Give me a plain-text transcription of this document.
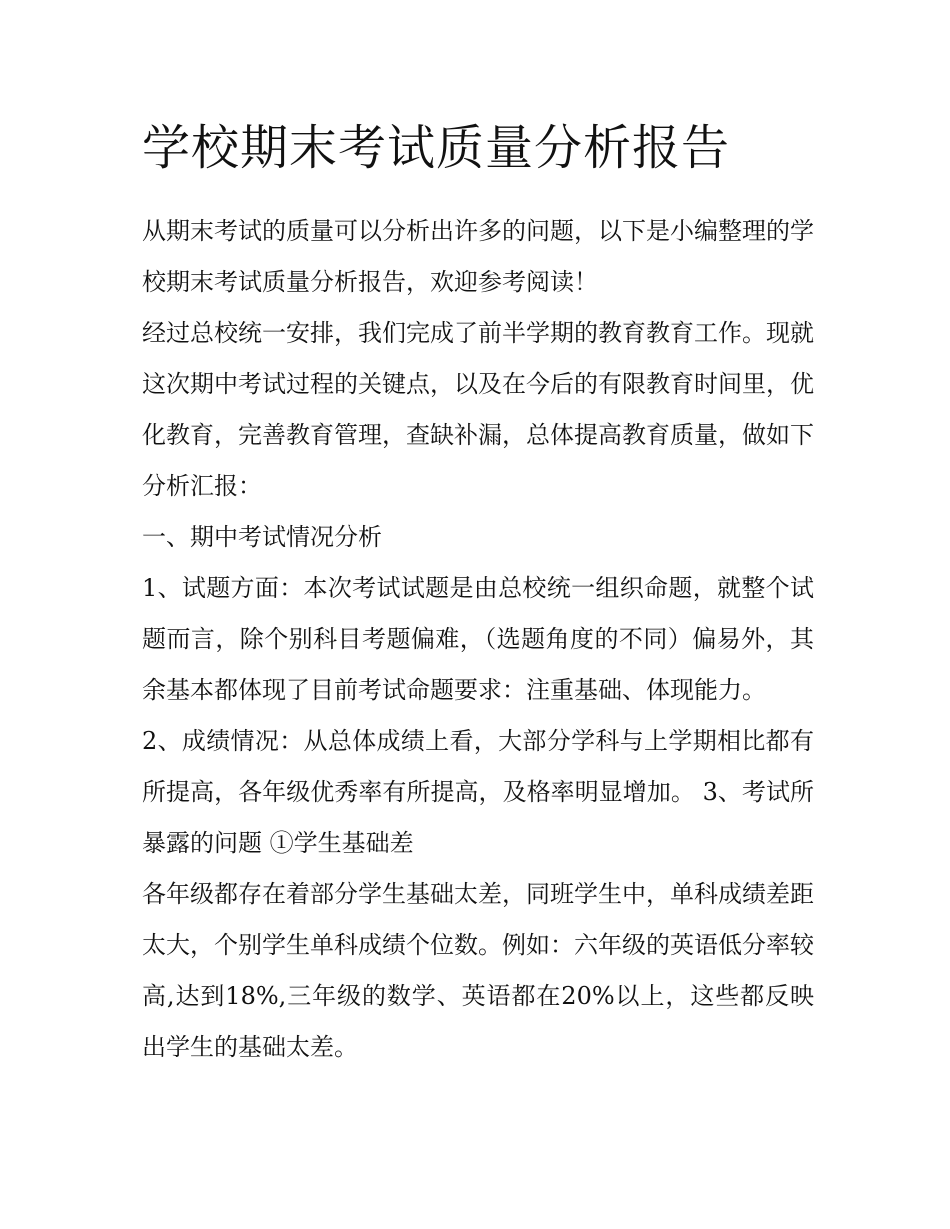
学校期末考试质量分析报告

从期末考试的质量可以分析出许多的问题，以下是小编整理的学校期末考试质量分析报告，欢迎参考阅读！

经过总校统一安排，我们完成了前半学期的教育教育工作。现就这次期中考试过程的关键点，以及在今后的有限教育时间里，优化教育，完善教育管理，查缺补漏，总体提高教育质量，做如下分析汇报：

一、期中考试情况分析

1、试题方面：本次考试试题是由总校统一组织命题，就整个试题而言，除个别科目考题偏难，（选题角度的不同）偏易外，其余基本都体现了目前考试命题要求：注重基础、体现能力。

2、成绩情况：从总体成绩上看，大部分学科与上学期相比都有所提高，各年级优秀率有所提高，及格率明显增加。 3、考试所暴露的问题 ①学生基础差

各年级都存在着部分学生基础太差，同班学生中，单科成绩差距太大，个别学生单科成绩个位数。例如：六年级的英语低分率较高,达到18%,三年级的数学、英语都在20%以上，这些都反映出学生的基础太差。
